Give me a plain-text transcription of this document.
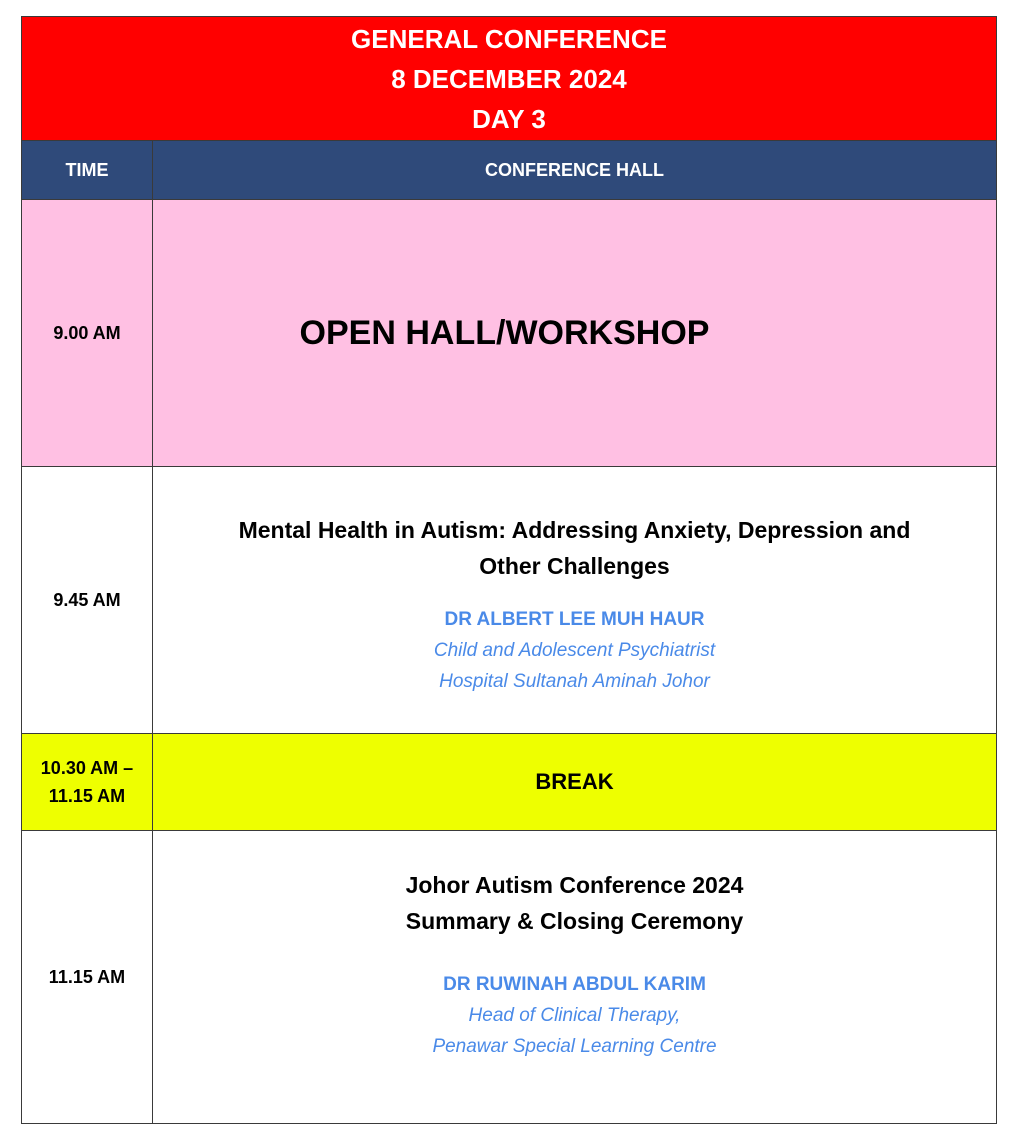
GENERAL CONFERENCE
8 DECEMBER 2024
DAY 3
TIME	CONFERENCE HALL
9.00 AM	OPEN HALL/WORKSHOP
9.45 AM
Mental Health in Autism: Addressing Anxiety, Depression and
Other Challenges
DR ALBERT LEE MUH HAUR
Child and Adolescent Psychiatrist
Hospital Sultanah Aminah Johor
10.30 AM –
11.15 AM
BREAK
11.15 AM
Johor Autism Conference 2024
Summary & Closing Ceremony
DR RUWINAH ABDUL KARIM
Head of Clinical Therapy,
Penawar Special Learning Centre
